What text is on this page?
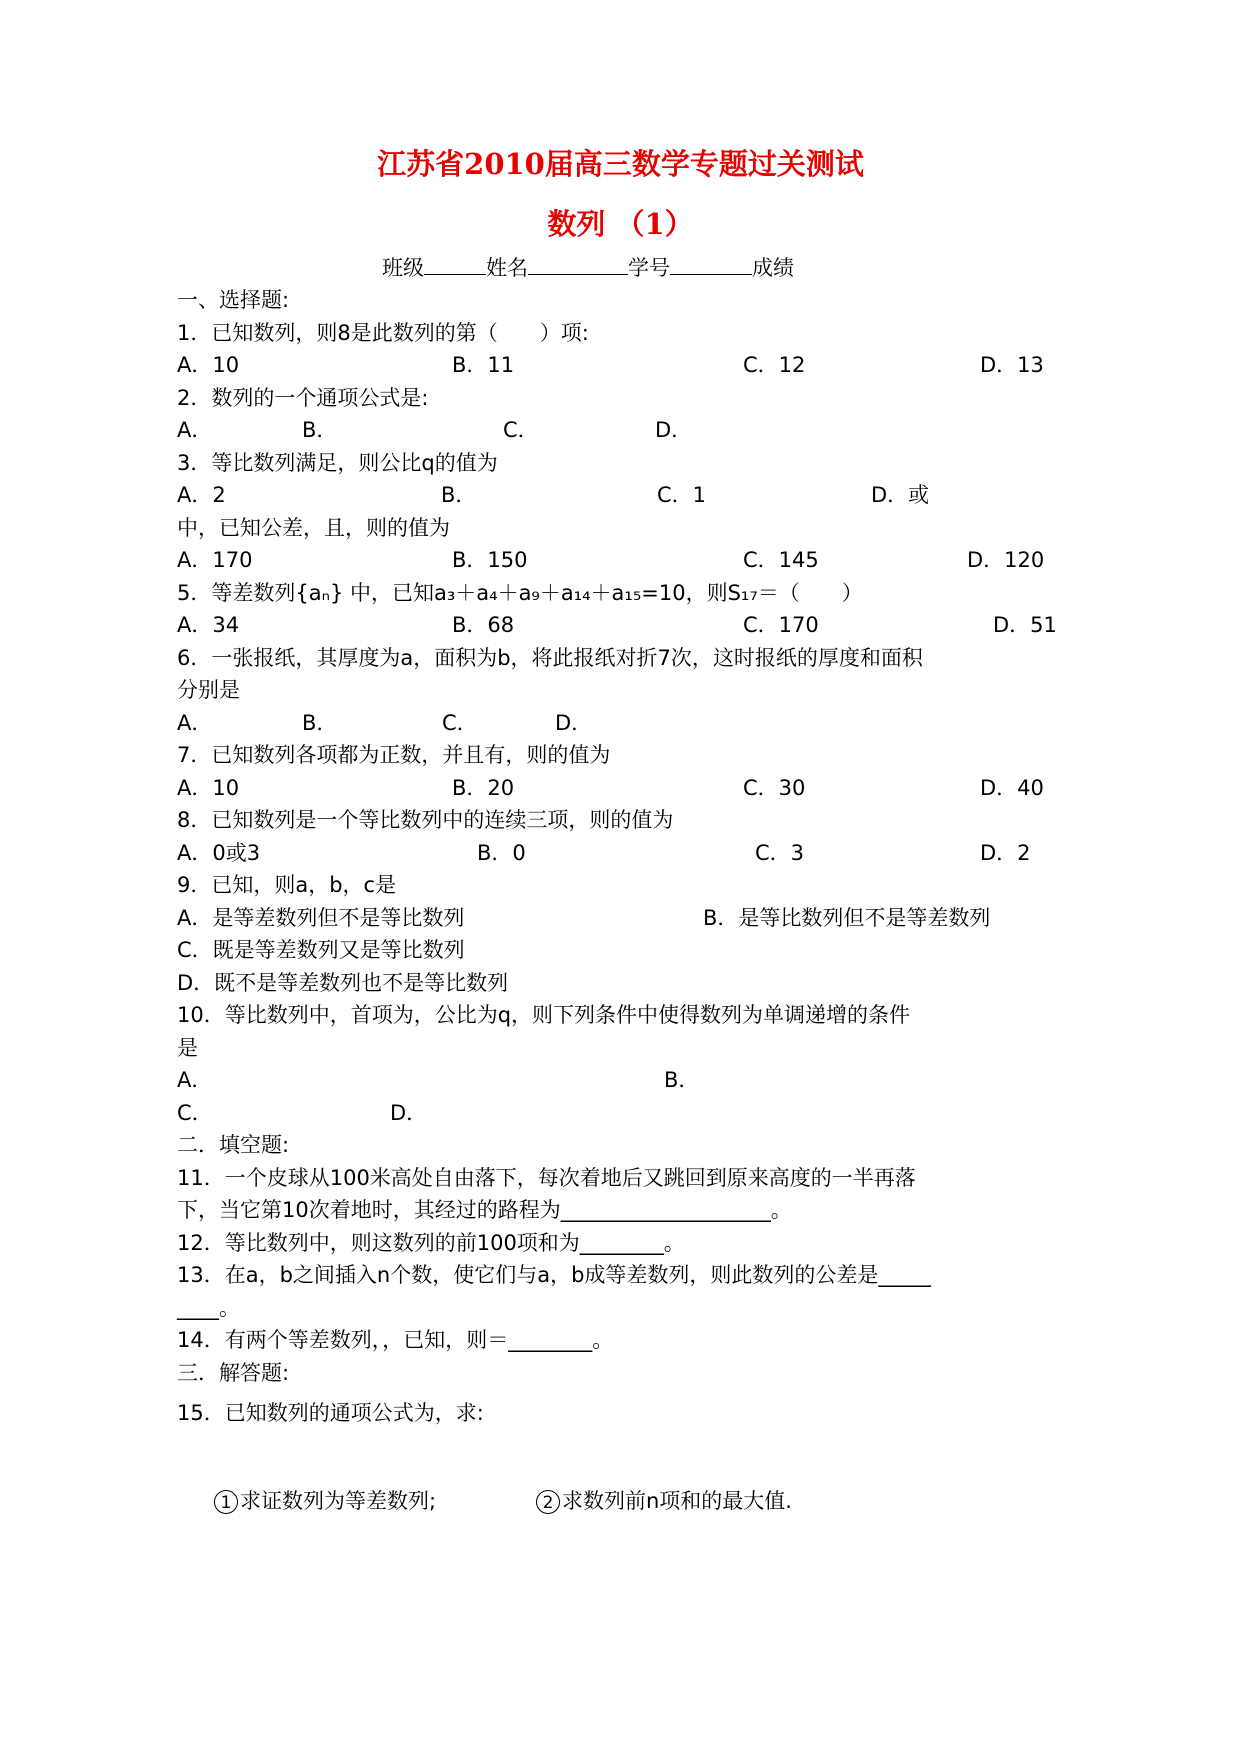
江苏省2010届高三数学专题过关测试
数列 （1）
班级	姓名	学号	成绩
一、选择题:
1．已知数列，则8是此数列的第（　　）项:
A．10	B．11	C．12	D．13
2．数列的一个通项公式是:
A．	B．	C．	D．
3．等比数列满足，则公比q的值为
A．2	B．	C．1	D．或
中，已知公差，且，则的值为
A．170	B．150	C．145	D．120
5．等差数列{aₙ} 中，已知a₃＋a₄＋a₉＋a₁₄＋a₁₅=10，则S₁₇＝（　　）
A．34	B．68	C．170	D．51
6．一张报纸，其厚度为a，面积为b，将此报纸对折7次，这时报纸的厚度和面积
分别是
A．	B．	C．	D．
7．已知数列各项都为正数，并且有，则的值为
A．10	B．20	C．30	D．40
8．已知数列是一个等比数列中的连续三项，则的值为
A．0或3	B．0	C．3	D．2
9．已知，则a，b，c是
A．是等差数列但不是等比数列	B．是等比数列但不是等差数列
C．既是等差数列又是等比数列
D．既不是等差数列也不是等比数列
10．等比数列中，首项为，公比为q，则下列条件中使得数列为单调递增的条件
是
A．	B．
C．	D．
二．填空题:
11．一个皮球从100米高处自由落下，每次着地后又跳回到原来高度的一半再落
下，当它第10次着地时，其经过的路程为____________________。
12．等比数列中，则这数列的前100项和为________。
13．在a，b之间插入n个数，使它们与a，b成等差数列，则此数列的公差是_____
____。
14．有两个等差数列，，已知，则＝________。
三．解答题:
15．已知数列的通项公式为，求:
1 求证数列为等差数列;	2 求数列前n项和的最大值.
